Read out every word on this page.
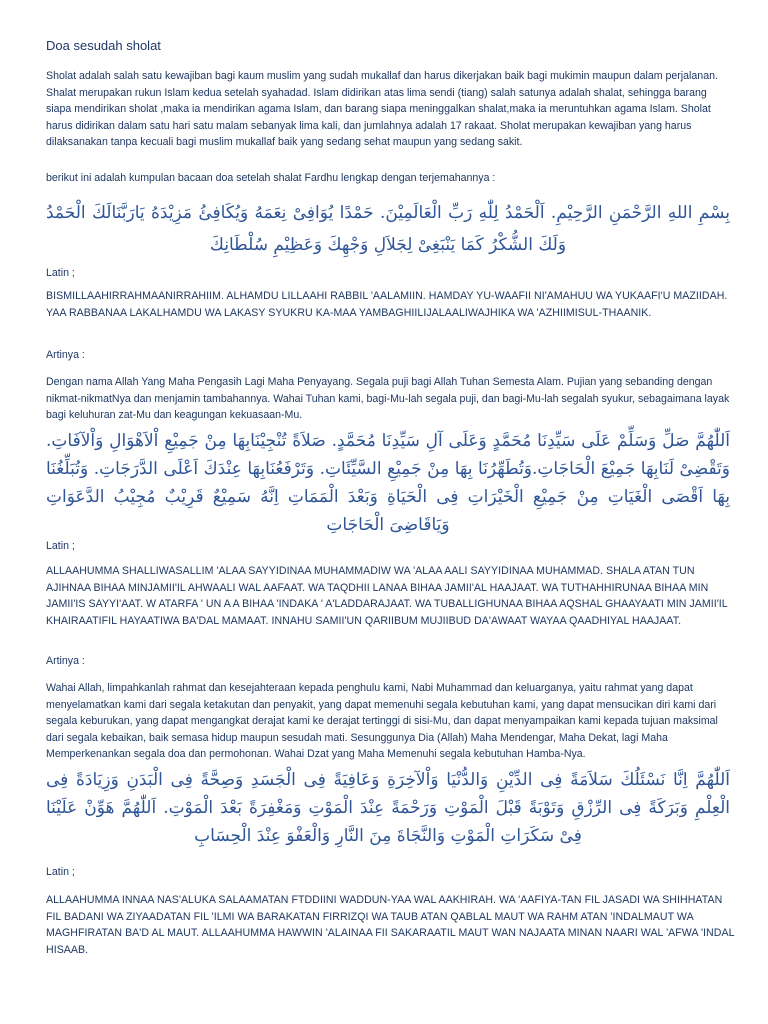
Doa sesudah sholat
Sholat adalah salah satu kewajiban bagi kaum muslim yang sudah mukallaf dan harus dikerjakan baik bagi mukimin maupun dalam perjalanan. Shalat merupakan rukun Islam kedua setelah syahadad. Islam didirikan atas lima sendi (tiang) salah satunya adalah shalat, sehingga barang siapa mendirikan sholat ,maka ia mendirikan agama Islam, dan barang siapa meninggalkan shalat,maka ia meruntuhkan agama Islam. Sholat harus didirikan dalam satu hari satu malam sebanyak lima kali, dan jumlahnya adalah 17 rakaat. Sholat merupakan kewajiban yang harus dilaksanakan tanpa kecuali bagi muslim mukallaf baik yang sedang sehat maupun yang sedang sakit.
berikut ini adalah kumpulan bacaan doa setelah shalat Fardhu lengkap dengan terjemahannya :
بِسْمِ اللهِ الرَّحْمَنِ الرَّحِيْمِ. اَلْحَمْدُ لِلّٰهِ رَبِّ الْعَالَمِيْنَ. حَمْدًا يُوَافِىْ نِعَمَهُ وَيُكَافِئُ مَزِيْدَهُ يَارَبَّنَالَكَ الْحَمْدُ وَلَكَ الشُّكْرُ كَمَا يَنْبَغِىْ لِجَلاَلِ وَجْهِكَ وَعَظِيْمِ سُلْطَانِكَ
Latin ;
BISMILLAAHIRRAHMAANIRRAHIIM. ALHAMDU LILLAAHI RABBIL 'AALAMIIN. HAMDAY YU-WAAFII NI'AMAHUU WA YUKAAFI'U MAZIIDAH. YAA RABBANAA LAKALHAMDU WA LAKASY SYUKRU KA-MAA YAMBAGHIILIJALAALIWAJHIKA WA 'AZHIIMISUL-THAANIK.
Artinya :
Dengan nama Allah Yang Maha Pengasih Lagi Maha Penyayang. Segala puji bagi Allah Tuhan Semesta Alam. Pujian yang sebanding dengan nikmat-nikmatNya dan menjamin tambahannya. Wahai Tuhan kami, bagi-Mu-lah segala puji, dan bagi-Mu-lah segalah syukur, sebagaimana layak bagi keluhuran zat-Mu dan keagungan kekuasaan-Mu.
اَللّٰهُمَّ صَلِّ وَسَلِّمْ عَلَى سَيِّدِنَا مُحَمَّدٍ وَعَلَى آلِ سَيِّدِنَا مُحَمَّدٍ. صَلاَةً تُنْجِيْنَابِهَا مِنْ جَمِيْعِ اْلاَهْوَالِ وَاْلآفَاتِ. وَتَقْضِىْ لَنَابِهَا جَمِيْعَ الْحَاجَاتِ.وَتُطَهِّرُنَا بِهَا مِنْ جَمِيْعِ السَّيِّئَاتِ. وَتَرْفَعُنَابِهَا عِنْدَكَ اَعْلَى الدَّرَجَاتِ. وَتُبَلِّغُنَا بِهَا اَقْصَى الْغَيَاتِ مِنْ جَمِيْعِ الْخَيْرَاتِ فِى الْحَيَاةِ وَبَعْدَ الْمَمَاتِ اِنَّهُ سَمِيْعٌ قَرِيْبٌ مُجِيْبُ الدَّعَوَاتِ وَيَاقَاضِىَ الْحَاجَاتِ
Latin ;
ALLAAHUMMA SHALLIWASALLIM 'ALAA SAYYIDINAA MUHAMMADIW WA 'ALAA AALI SAYYIDINAA MUHAMMAD. SHALA ATAN TUN AJIHNAA BIHAA MINJAMII'IL AHWAALI WAL AAFAAT. WA TAQDHII LANAA BIHAA JAMII'AL HAAJAAT. WA TUTHAHHIRUNAA BIHAA MIN JAMII'IS SAYYI'AAT. W ATARFA ' UN A A BIHAA 'INDAKA ' A'LADDARAJAAT. WA TUBALLIGHUNAA BIHAA AQSHAL GHAAYAATI MIN JAMII'IL KHAIRAATIFIL HAYAATIWA BA'DAL MAMAAT. INNAHU SAMII'UN QARIIBUM MUJIIBUD DA'AWAAT WAYAA QAADHIYAL HAAJAAT.
Artinya :
Wahai Allah, limpahkanlah rahmat dan kesejahteraan kepada penghulu kami, Nabi Muhammad dan keluarganya, yaitu rahmat yang dapat menyelamatkan kami dari segala ketakutan dan penyakit, yang dapat memenuhi segala kebutuhan kami, yang dapat mensucikan diri kami dari segala keburukan, yang dapat mengangkat derajat kami ke derajat tertinggi di sisi-Mu, dan dapat menyampaikan kami kepada tujuan maksimal dari segala kebaikan, baik semasa hidup maupun sesudah mati. Sesunggunya Dia (Allah) Maha Mendengar, Maha Dekat, lagi Maha Memperkenankan segala doa dan permohonan. Wahai Dzat yang Maha Memenuhi segala kebutuhan Hamba-Nya.
اَللّٰهُمَّ اِنَّا نَسْئَلُكَ سَلاَمَةً فِى الدِّيْنِ وَالدُّنْيَا وَاْلآخِرَةِ وَعَافِيَةً فِى الْجَسَدِ وَصِحَّةً فِى الْبَدَنِ وَزِيَادَةً فِى الْعِلْمِ وَبَرَكَةً فِى الرِّزْقِ وَتَوْبَةً قَبْلَ الْمَوْتِ وَرَحْمَةً عِنْدَ الْمَوْتِ وَمَغْفِرَةً بَعْدَ الْمَوْتِ. اَللّٰهُمَّ هَوِّنْ عَلَيْنَا فِىْ سَكَرَاتِ الْمَوْتِ وَالنَّجَاةَ مِنَ النَّارِ وَالْعَفْوَ عِنْدَ الْحِسَابِ
Latin ;
ALLAAHUMMA INNAA NAS'ALUKA SALAAMATAN FTDDIINI WADDUN-YAA WAL AAKHIRAH. WA 'AAFIYA-TAN FIL JASADI WA SHIHHATAN FIL BADANI WA ZIYAADATAN FIL 'ILMI WA BARAKATAN FIRRIZQI WA TAUB ATAN QABLAL MAUT WA RAHM ATAN 'INDALMAUT WA MAGHFIRATAN BA'D AL MAUT. ALLAAHUMMA HAWWIN 'ALAINAA FII SAKARAATIL MAUT WAN NAJAATA MINAN NAARI WAL 'AFWA 'INDAL HISAAB.
